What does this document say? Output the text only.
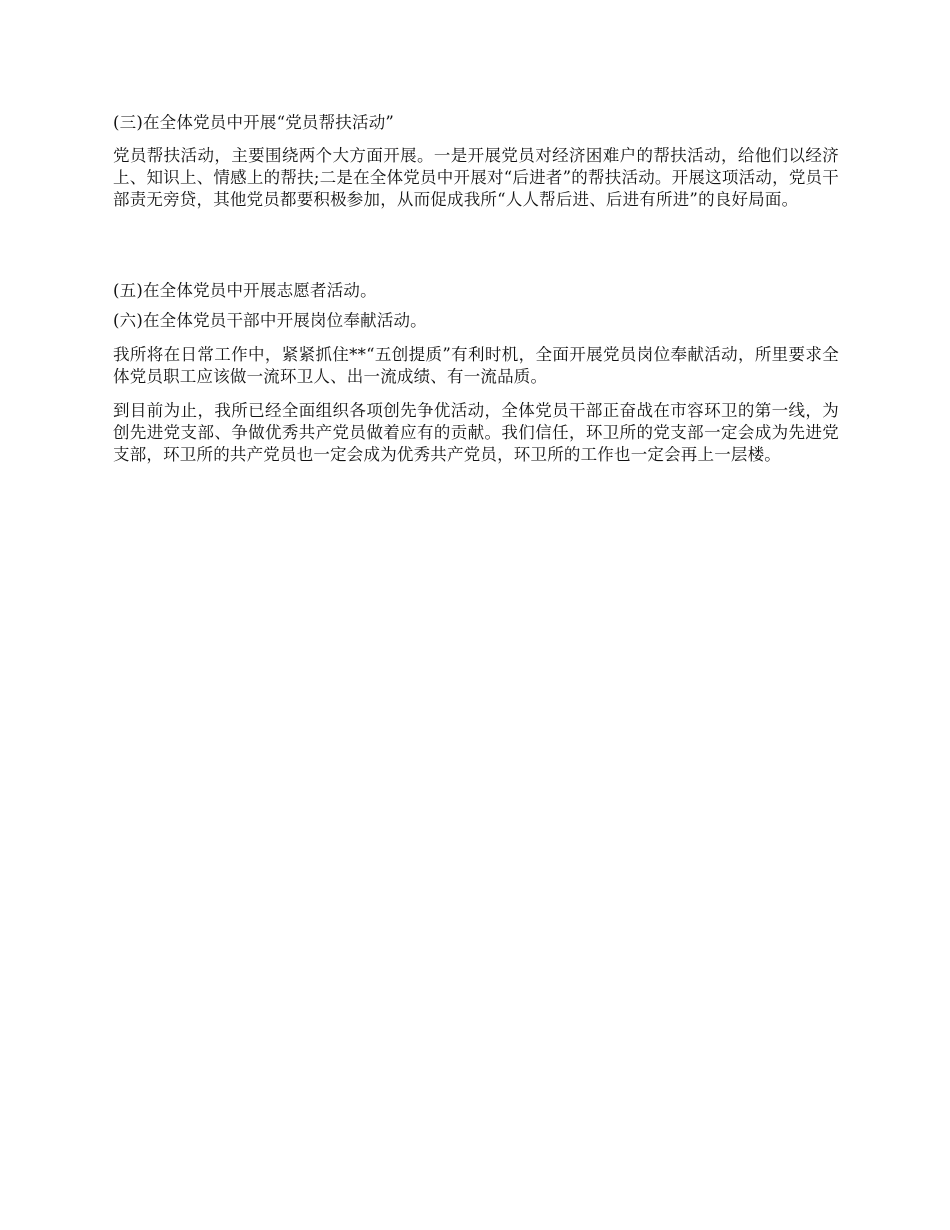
(三)在全体党员中开展“党员帮扶活动”

党员帮扶活动，主要围绕两个大方面开展。一是开展党员对经济困难户的帮扶活动，给他们以经济上、知识上、情感上的帮扶;二是在全体党员中开展对“后进者”的帮扶活动。开展这项活动，党员干部责无旁贷，其他党员都要积极参加，从而促成我所“人人帮后进、后进有所进”的良好局面。

(五)在全体党员中开展志愿者活动。

(六)在全体党员干部中开展岗位奉献活动。

我所将在日常工作中，紧紧抓住**“五创提质”有利时机，全面开展党员岗位奉献活动，所里要求全体党员职工应该做一流环卫人、出一流成绩、有一流品质。

到目前为止，我所已经全面组织各项创先争优活动，全体党员干部正奋战在市容环卫的第一线，为创先进党支部、争做优秀共产党员做着应有的贡献。我们信任，环卫所的党支部一定会成为先进党支部，环卫所的共产党员也一定会成为优秀共产党员，环卫所的工作也一定会再上一层楼。
